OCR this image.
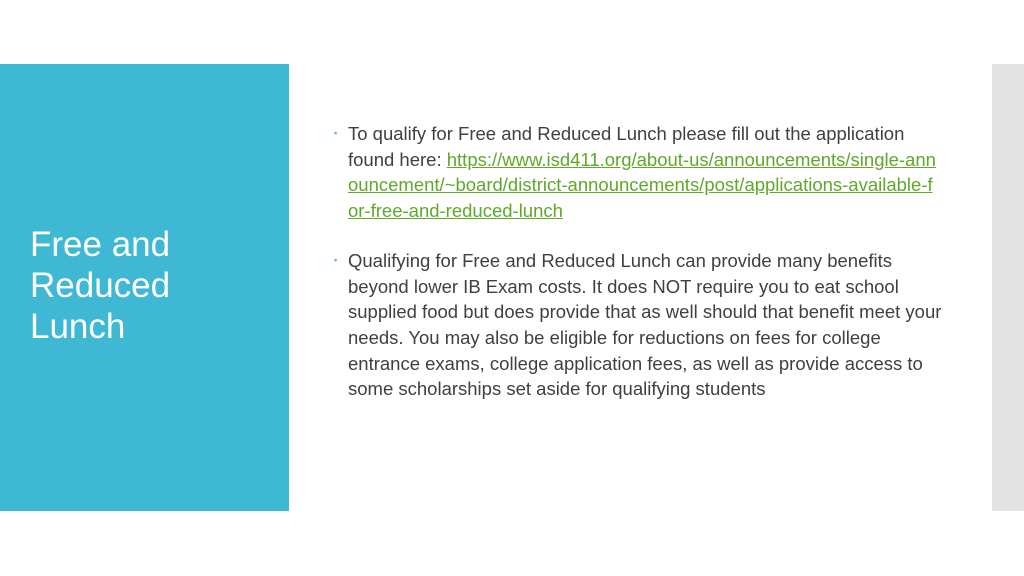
Free and
Reduced
Lunch
▪ To qualify for Free and Reduced Lunch please fill out the application found here: https://www.isd411.org/about-us/announcements/single-announcement/~board/district-announcements/post/applications-available-for-free-and-reduced-lunch
▪ Qualifying for Free and Reduced Lunch can provide many benefits beyond lower IB Exam costs. It does NOT require you to eat school supplied food but does provide that as well should that benefit meet your needs. You may also be eligible for reductions on fees for college entrance exams, college application fees, as well as provide access to some scholarships set aside for qualifying students
